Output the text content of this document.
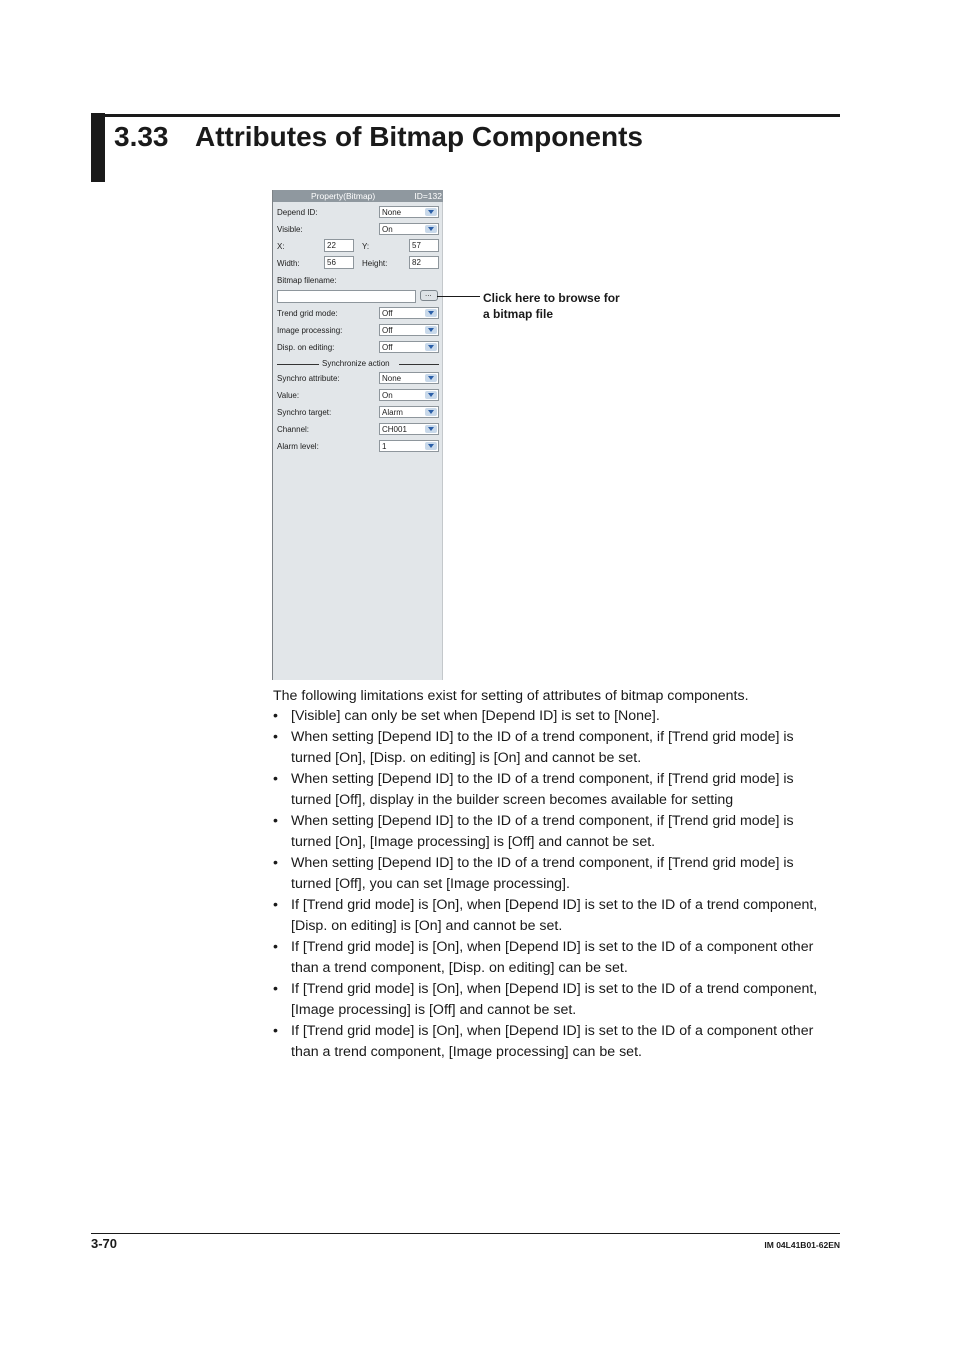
3.33 Attributes of Bitmap Components
Property(Bitmap)	ID=132
Depend ID:	None
Visible:	On
X:	22	Y:	57
Width:	56	Height:	82
Bitmap filename:
...
Trend grid mode:	Off
Image processing:	Off
Disp. on editing:	Off
Synchronize action
Synchro attribute:	None
Value:	On
Synchro target:	Alarm
Channel:	CH001
Alarm level:	1
Click here to browse for
a bitmap file
The following limitations exist for setting of attributes of bitmap components.
• [Visible] can only be set when [Depend ID] is set to [None].
• When setting [Depend ID] to the ID of a trend component, if [Trend grid mode] is
turned [On], [Disp. on editing] is [On] and cannot be set.
• When setting [Depend ID] to the ID of a trend component, if [Trend grid mode] is
turned [Off], display in the builder screen becomes available for setting
• When setting [Depend ID] to the ID of a trend component, if [Trend grid mode] is
turned [On], [Image processing] is [Off] and cannot be set.
• When setting [Depend ID] to the ID of a trend component, if [Trend grid mode] is
turned [Off], you can set [Image processing].
• If [Trend grid mode] is [On], when [Depend ID] is set to the ID of a trend component,
[Disp. on editing] is [On] and cannot be set.
• If [Trend grid mode] is [On], when [Depend ID] is set to the ID of a component other
than a trend component, [Disp. on editing] can be set.
• If [Trend grid mode] is [On], when [Depend ID] is set to the ID of a trend component,
[Image processing] is [Off] and cannot be set.
• If [Trend grid mode] is [On], when [Depend ID] is set to the ID of a component other
than a trend component, [Image processing] can be set.
3-70	IM 04L41B01-62EN
